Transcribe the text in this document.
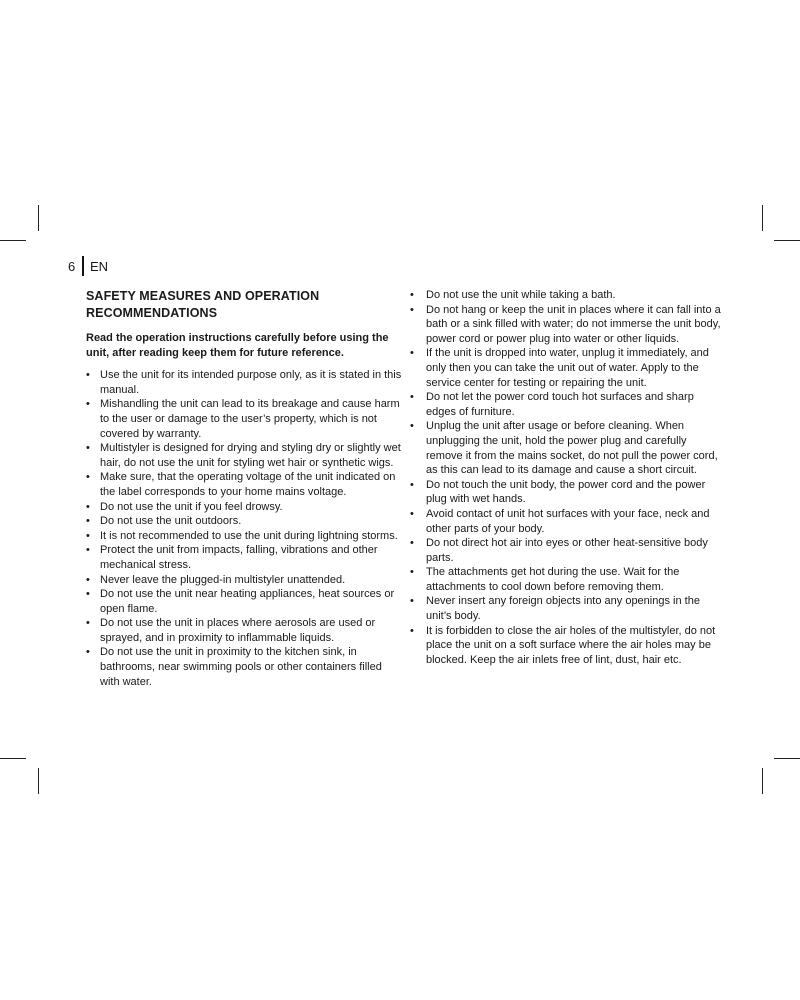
6	EN
SAFETY MEASURES AND OPERATION RECOMMENDATIONS
Read the operation instructions carefully before using the unit, after reading keep them for future reference.
• Use the unit for its intended purpose only, as it is stated in this manual.
• Mishandling the unit can lead to its breakage and cause harm to the user or damage to the user’s property, which is not covered by warranty.
• Multistyler is designed for drying and styling dry or slightly wet hair, do not use the unit for styling wet hair or synthetic wigs.
• Make sure, that the operating voltage of the unit indicated on the label corresponds to your home mains voltage.
• Do not use the unit if you feel drowsy.
• Do not use the unit outdoors.
• It is not recommended to use the unit during lightning storms.
• Protect the unit from impacts, falling, vibrations and other mechanical stress.
• Never leave the plugged-in multistyler unattended.
• Do not use the unit near heating appliances, heat sources or open flame.
• Do not use the unit in places where aerosols are used or sprayed, and in proximity to inflammable liquids.
• Do not use the unit in proximity to the kitchen sink, in bathrooms, near swimming pools or other containers filled with water.
• Do not use the unit while taking a bath.
• Do not hang or keep the unit in places where it can fall into a bath or a sink filled with water; do not immerse the unit body, power cord or power plug into water or other liquids.
• If the unit is dropped into water, unplug it immediately, and only then you can take the unit out of water. Apply to the service center for testing or repairing the unit.
• Do not let the power cord touch hot surfaces and sharp edges of furniture.
• Unplug the unit after usage or before cleaning. When unplugging the unit, hold the power plug and carefully remove it from the mains socket, do not pull the power cord, as this can lead to its damage and cause a short circuit.
• Do not touch the unit body, the power cord and the power plug with wet hands.
• Avoid contact of unit hot surfaces with your face, neck and other parts of your body.
• Do not direct hot air into eyes or other heat-sensitive body parts.
• The attachments get hot during the use. Wait for the attachments to cool down before removing them.
• Never insert any foreign objects into any openings in the unit’s body.
• It is forbidden to close the air holes of the multistyler, do not place the unit on a soft surface where the air holes may be blocked. Keep the air inlets free of lint, dust, hair etc.
